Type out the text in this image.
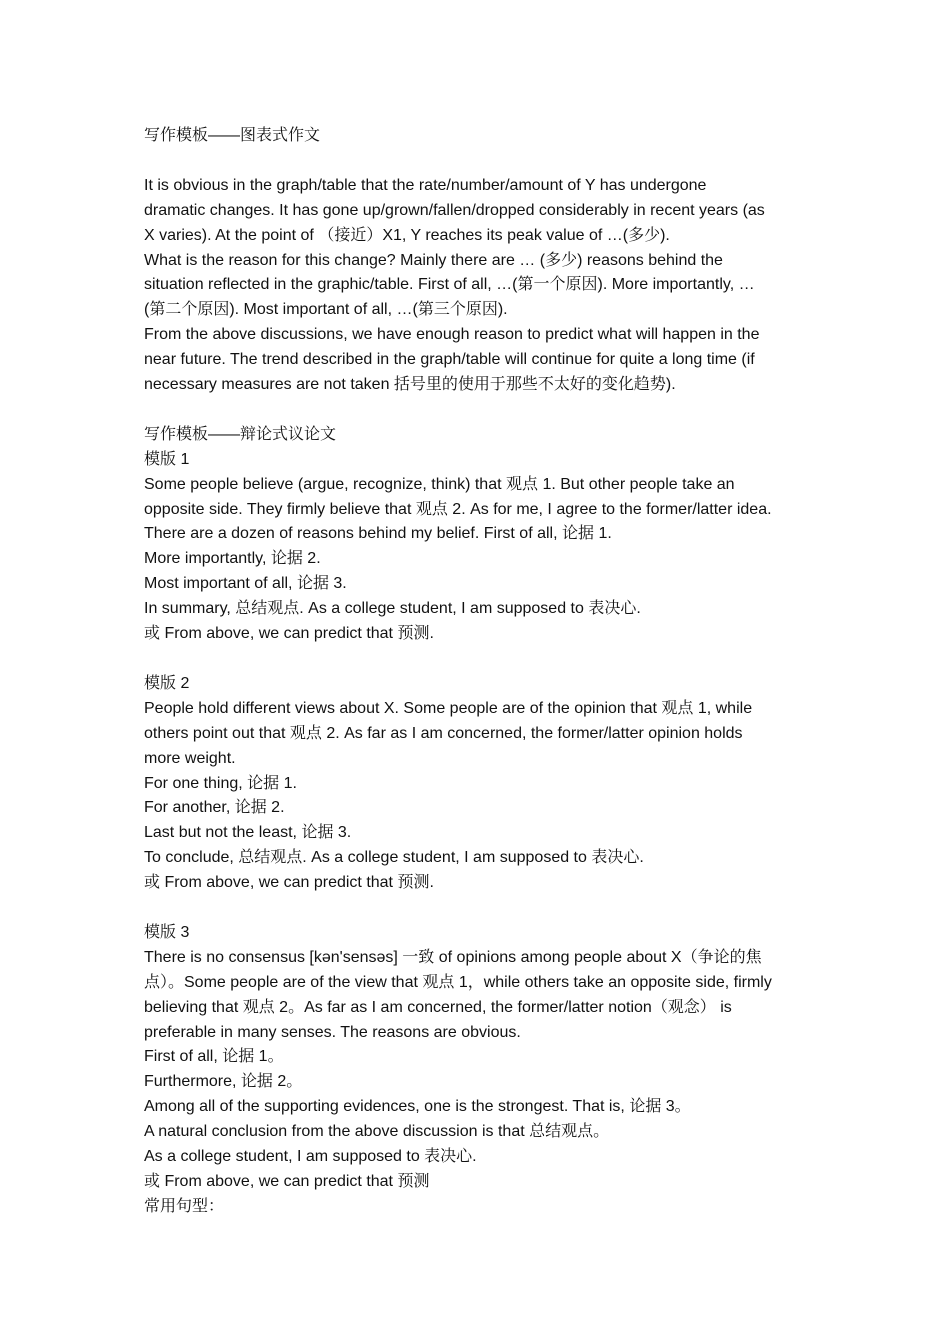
写作模板——图表式作文
It is obvious in the graph/table that the rate/number/amount of Y has undergone
dramatic changes. It has gone up/grown/fallen/dropped considerably in recent years (as
X varies). At the point of （接近）X1, Y reaches its peak value of …(多少).
What is the reason for this change? Mainly there are … (多少) reasons behind the
situation reflected in the graphic/table. First of all, …(第一个原因). More importantly, …
(第二个原因). Most important of all, …(第三个原因).
From the above discussions, we have enough reason to predict what will happen in the
near future. The trend described in the graph/table will continue for quite a long time (if
necessary measures are not taken 括号里的使用于那些不太好的变化趋势).
写作模板——辩论式议论文
模版 1
Some people believe (argue, recognize, think) that 观点 1. But other people take an
opposite side. They firmly believe that 观点 2. As for me, I agree to the former/latter idea.
There are a dozen of reasons behind my belief. First of all, 论据 1.
More importantly, 论据 2.
Most important of all, 论据 3.
In summary, 总结观点. As a college student, I am supposed to 表决心.
或 From above, we can predict that 预测.
模版 2
People hold different views about X. Some people are of the opinion that 观点 1, while
others point out that 观点 2. As far as I am concerned, the former/latter opinion holds
more weight.
For one thing, 论据 1.
For another, 论据 2.
Last but not the least, 论据 3.
To conclude, 总结观点. As a college student, I am supposed to 表决心.
或 From above, we can predict that 预测.
模版 3
There is no consensus [kən'sensəs] 一致 of opinions among people about X（争论的焦
点）。Some people are of the view that 观点 1，while others take an opposite side, firmly
believing that 观点 2。As far as I am concerned, the former/latter notion（观念） is
preferable in many senses. The reasons are obvious.
First of all, 论据 1。
Furthermore, 论据 2。
Among all of the supporting evidences, one is the strongest. That is, 论据 3。
A natural conclusion from the above discussion is that 总结观点。
As a college student, I am supposed to 表决心.
或 From above, we can predict that 预测
常用句型：
